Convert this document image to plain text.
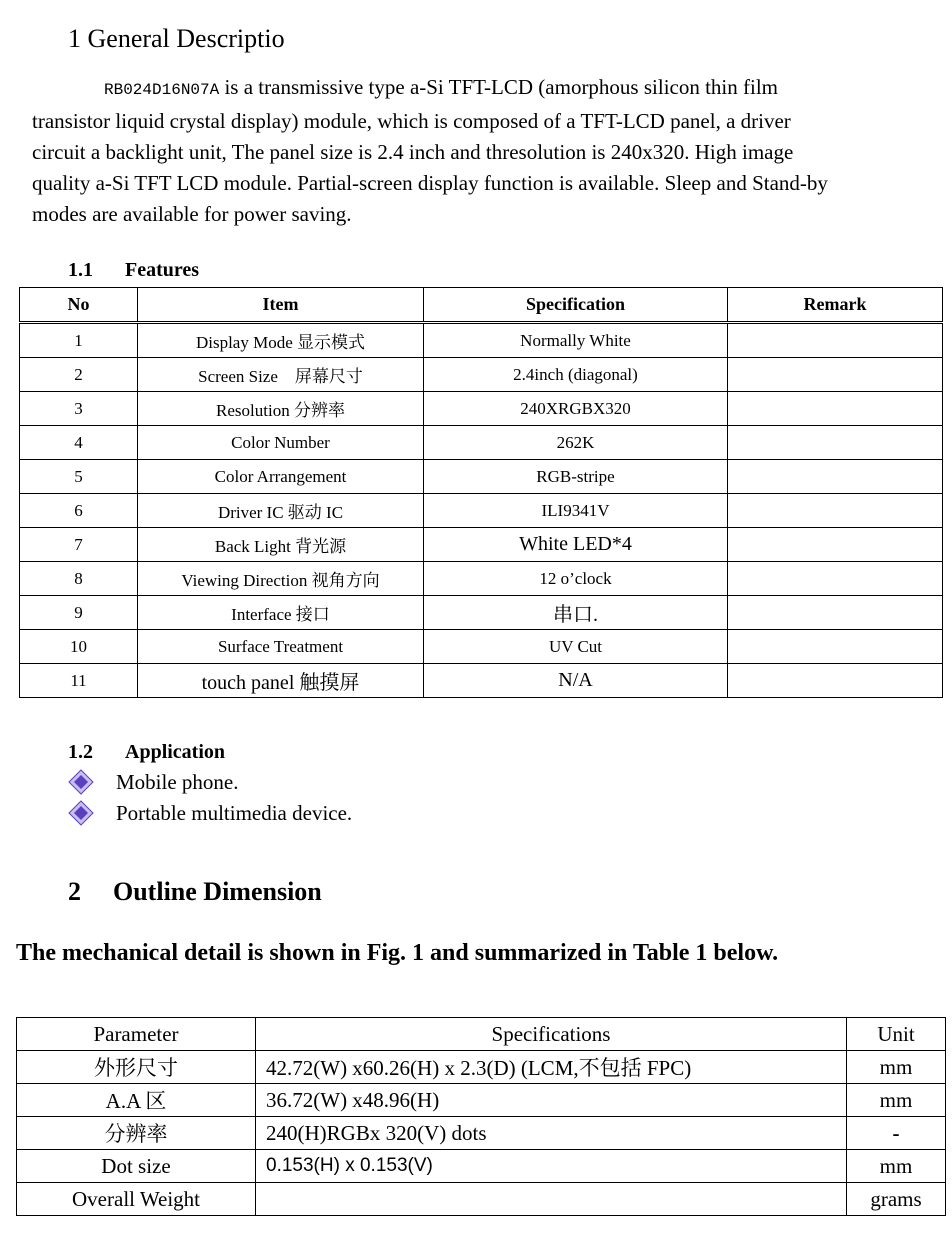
1 General Descriptio
RB024D16N07A is a transmissive type a-Si TFT-LCD (amorphous silicon thin film
transistor liquid crystal display) module, which is composed of a TFT-LCD panel, a driver
circuit a backlight unit, The panel size is 2.4 inch and thresolution is 240x320. High image
quality a-Si TFT LCD module. Partial-screen display function is available. Sleep and Stand-by
modes are available for power saving.
1.1 Features
No	Item	Specification	Remark
1	Display Mode 显示模式	Normally White	
2	Screen Size    屏幕尺寸	2.4inch (diagonal)	
3	Resolution 分辨率	240XRGBX320	
4	Color Number	262K	
5	Color Arrangement	RGB-stripe	
6	Driver IC 驱动 IC	ILI9341V	
7	Back Light 背光源	White LED*4	
8	Viewing Direction 视角方向	12 o’clock	
9	Interface 接口	串口.	
10	Surface Treatment	UV Cut	
11	touch panel 触摸屏	N/A	
1.2 Application
Mobile phone.
Portable multimedia device.
2 Outline Dimension
The mechanical detail is shown in Fig. 1 and summarized in Table 1 below.
Parameter	Specifications	Unit
外形尺寸	42.72(W) x60.26(H) x 2.3(D) (LCM,不包括 FPC)	mm
A.A 区	36.72(W) x48.96(H)	mm
分辨率	240(H)RGBx 320(V) dots	-
Dot size	0.153(H) x 0.153(V)	mm
Overall Weight		grams
